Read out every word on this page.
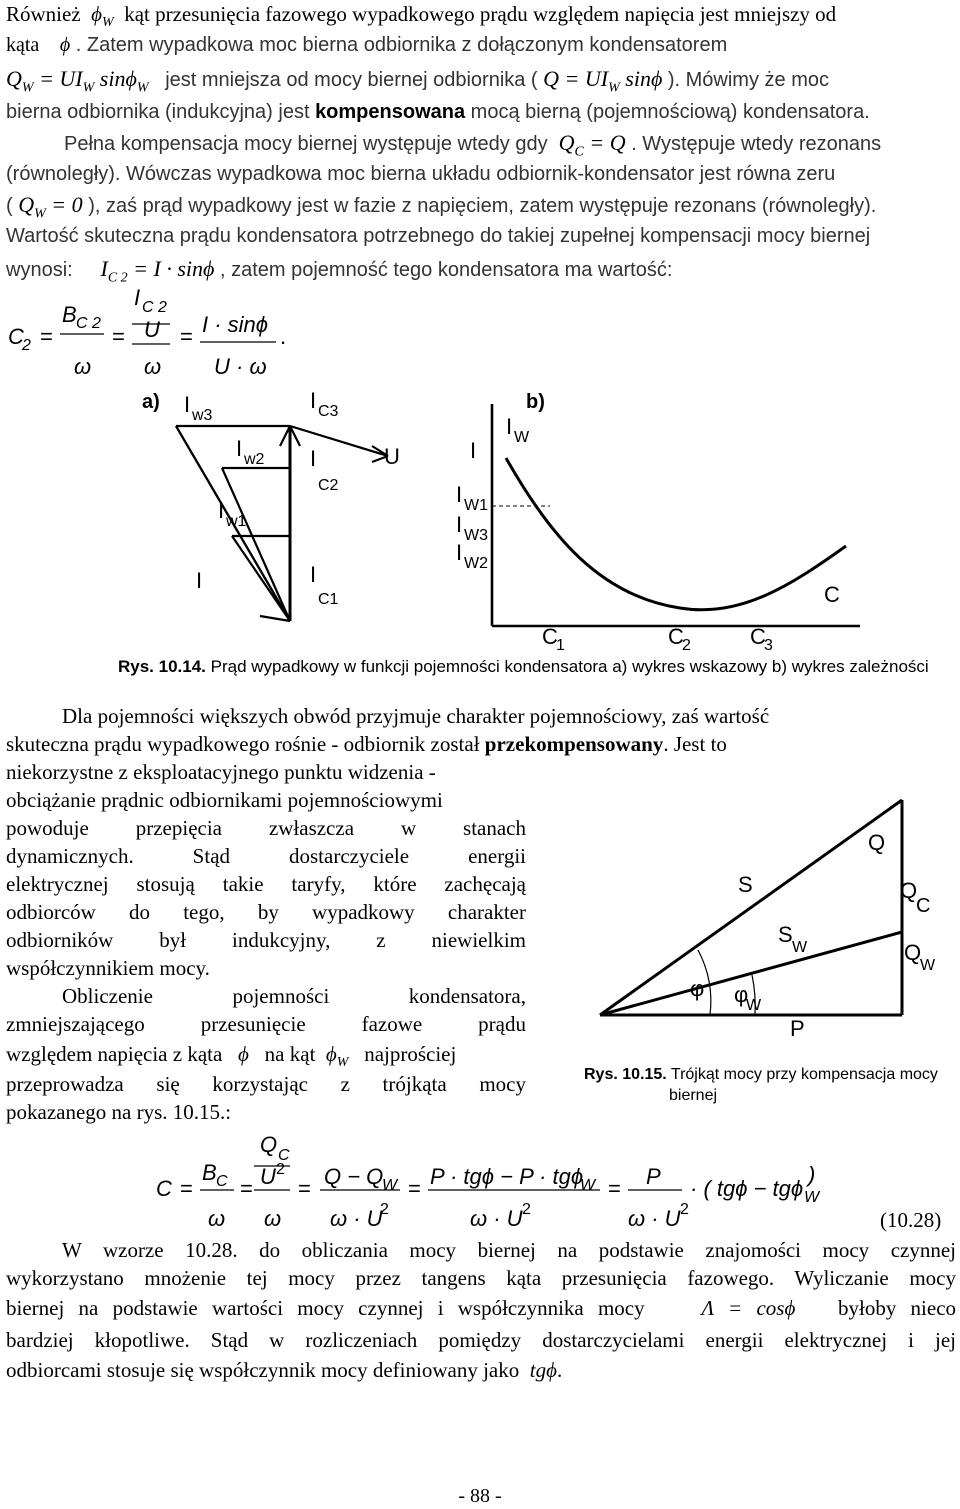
Również  $\phi_W$ kąt przesunięcia fazowego wypadkowego prądu względem napięcia jest mniejszy od
kąta    ϕ . Zatem wypadkowa moc bierna odbiornika z dołączonym kondensatorem
$Q_W = UI_W$ sinϕ$_W$ jest mniejsza od mocy biernej odbiornika ( $Q = UI_W$ sinϕ ). Mówimy że moc
bierna odbiornika (indukcyjna) jest kompensowana mocą bierną (pojemnościową) kondensatora.
Pełna kompensacja mocy biernej występuje wtedy gdy  $Q_C = Q$ . Występuje wtedy rezonans
(równoległy). Wówczas wypadkowa moc bierna układu odbiornik-kondensator jest równa zeru
( $Q_W = 0$ ), zaś prąd wypadkowy jest w fazie z napięciem, zatem występuje rezonans (równoległy).
Wartość skuteczna prądu kondensatora potrzebnego do takiej zupełnej kompensacji mocy biernej
wynosi: $I_{C 2} = I \cdot \sin\phi$ , zatem pojemność tego kondensatora ma wartość:
I C 2
C
2 =
B C 2
ω
= U
ω
= I · sinϕ
U · ω
.
a) I w3
I C3
I w2 I
C2
U
I w1
I	I
C1
b)
I
I W
I W1
I W3
I W2
C
C
1	C
2	C
3
Rys. 10.14. Prąd wypadkowy w funkcji pojemności kondensatora a) wykres wskazowy b) wykres zależności
Dla pojemności większych obwód przyjmuje charakter pojemnościowy, zaś wartość
skuteczna prądu wypadkowego rośnie - odbiornik został przekompensowany. Jest to
niekorzystne z eksploatacyjnego punktu widzenia -
obciążanie prądnic odbiornikami pojemnościowymi
powoduje przepięcia zwłaszcza w stanach
dynamicznych. Stąd dostarczyciele energii
elektrycznej stosują takie taryfy, które zachęcają
odbiorców do tego, by wypadkowy charakter
odbiorników był indukcyjny, z niewielkim
współczynnikiem mocy.
Obliczenie pojemności kondensatora,
zmniejszającego przesunięcie fazowe prądu
względem napięcia z kąta   ϕ   na kąt  $\phi_W$ najprościej
przeprowadza się korzystając z trójkąta mocy
pokazanego na rys. 10.15.:
Q
S	Q
C
S
W	Q
W
φ φ
W
P
Rys. 10.15. Trójkąt mocy przy kompensacja mocy
biernej
Q C
C =
B C
ω
= U 2
ω
= Q − Q
W
ω · U
2
= P · tgϕ − P · tgϕ
W
ω · U 2
= P
ω · U 2
· ( tgϕ − tgϕ W
)
(10.28)
W wzorze 10.28. do obliczania mocy biernej na podstawie znajomości mocy czynnej
wykorzystano mnożenie tej mocy przez tangens kąta przesunięcia fazowego. Wyliczanie mocy
biernej na podstawie wartości mocy czynnej i współczynnika mocy    Λ = cosϕ   byłoby nieco
bardziej kłopotliwe. Stąd w rozliczeniach pomiędzy dostarczycielami energii elektrycznej i jej
odbiorcami stosuje się współczynnik mocy definiowany jako  tgϕ.
- 88 -
